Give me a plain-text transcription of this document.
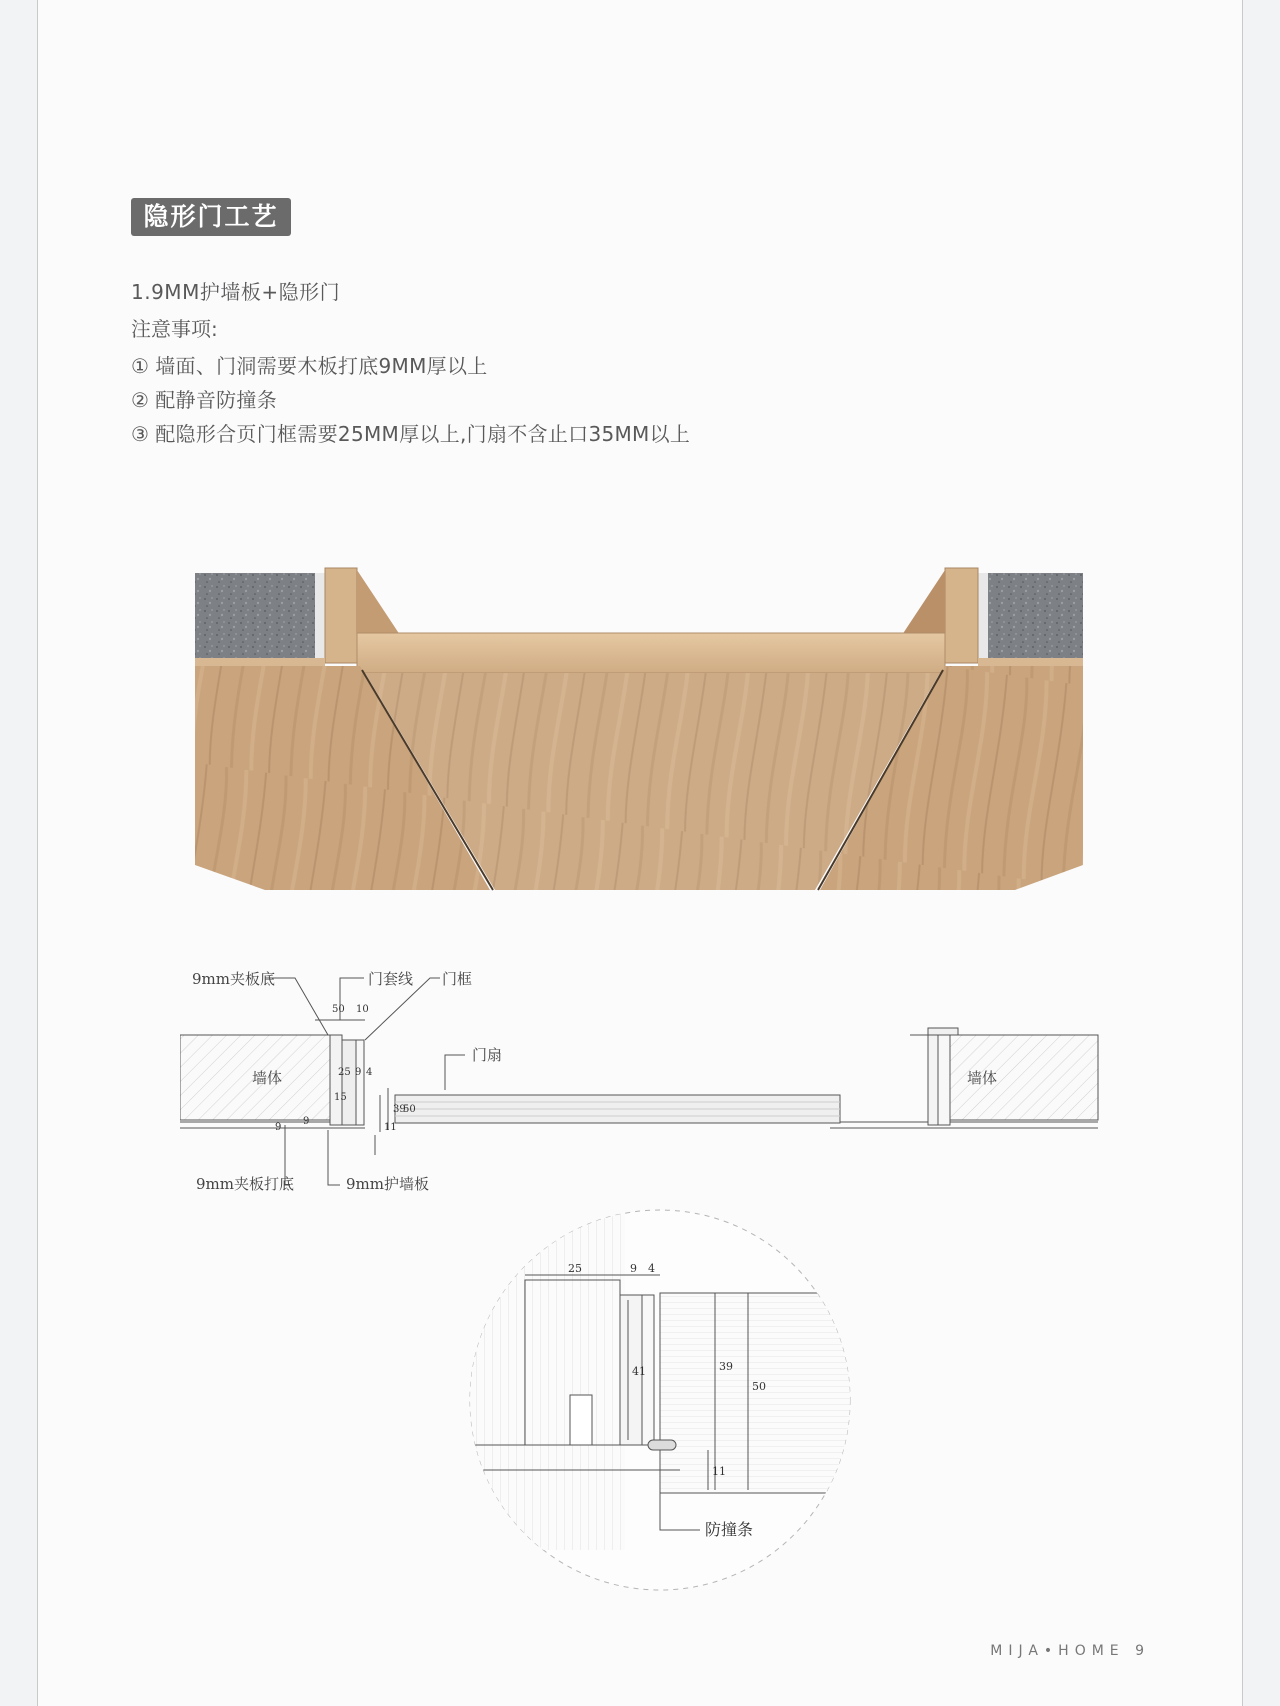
隐形门工艺
1.9MM护墙板+隐形门
注意事项:
① 墙面、门洞需要木板打底9MM厚以上
② 配静音防撞条
③ 配隐形合页门框需要25MM厚以上,门扇不含止口35MM以上
9mm夹板底	门套线 门框
门扇
墙体	墙体
9mm夹板打底	9mm护墙板
50 10
25 9 4
39
50
11
15
9
9
25	9 4
41	39
50
11
防撞条
MIJA•HOME 9
